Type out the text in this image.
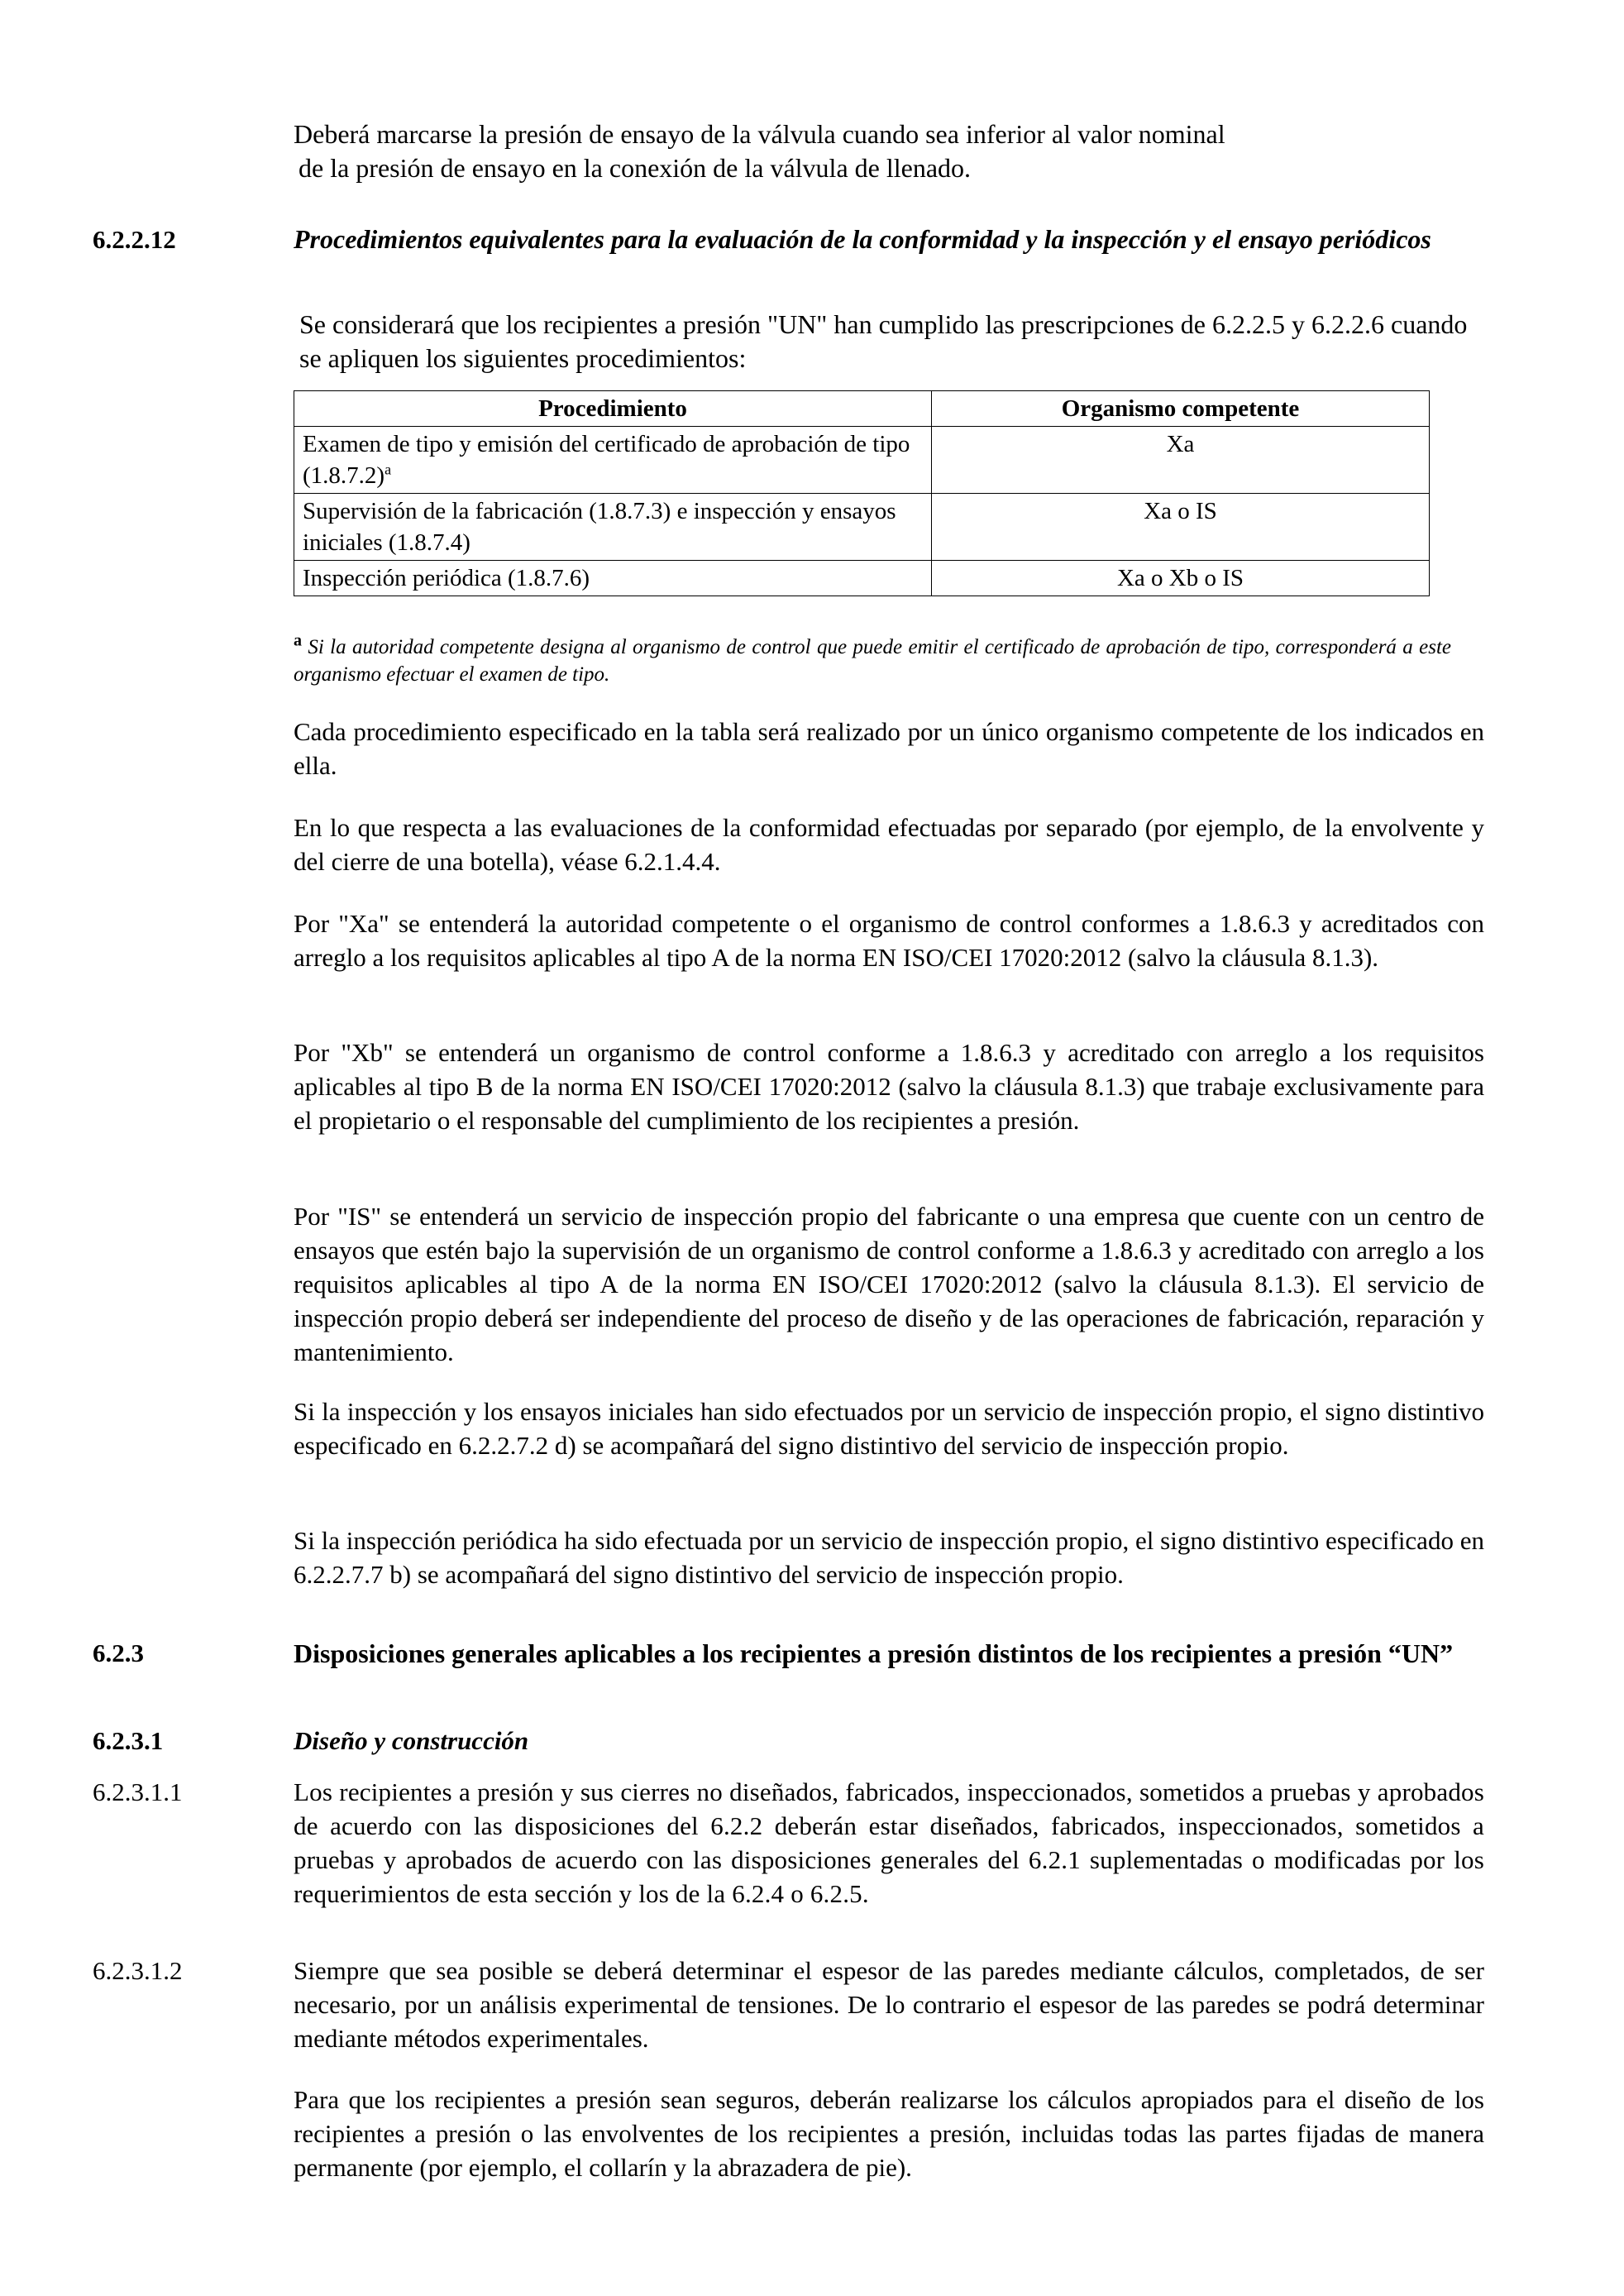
Deberá marcarse la presión de ensayo de la válvula cuando sea inferior al valor nominal

de la presión de ensayo en la conexión de la válvula de llenado.

6.2.2.12	Procedimientos equivalentes para la evaluación de la conformidad y la inspección y el ensayo periódicos

Se considerará que los recipientes a presión "UN" han cumplido las prescripciones de 6.2.2.5 y 6.2.2.6 cuando se apliquen los siguientes procedimientos:

Procedimiento	Organismo competente
Examen de tipo y emisión del certificado de aprobación de tipo (1.8.7.2)$^a$	Xa
Supervisión de la fabricación (1.8.7.3) e inspección y ensayos iniciales (1.8.7.4)	Xa o IS
Inspección periódica (1.8.7.6)	Xa o Xb o IS

$^a$ Si la autoridad competente designa al organismo de control que puede emitir el certificado de aprobación de tipo, corresponderá a este organismo efectuar el examen de tipo.

Cada procedimiento especificado en la tabla será realizado por un único organismo competente de los indicados en ella.

En lo que respecta a las evaluaciones de la conformidad efectuadas por separado (por ejemplo, de la envolvente y del cierre de una botella), véase 6.2.1.4.4.

Por "Xa" se entenderá la autoridad competente o el organismo de control conformes a 1.8.6.3 y acreditados con arreglo a los requisitos aplicables al tipo A de la norma EN ISO/CEI 17020:2012 (salvo la cláusula 8.1.3).

Por "Xb" se entenderá un organismo de control conforme a 1.8.6.3 y acreditado con arreglo a los requisitos aplicables al tipo B de la norma EN ISO/CEI 17020:2012 (salvo la cláusula 8.1.3) que trabaje exclusivamente para el propietario o el responsable del cumplimiento de los recipientes a presión.

Por "IS" se entenderá un servicio de inspección propio del fabricante o una empresa que cuente con un centro de ensayos que estén bajo la supervisión de un organismo de control conforme a 1.8.6.3 y acreditado con arreglo a los requisitos aplicables al tipo A de la norma EN ISO/CEI 17020:2012 (salvo la cláusula 8.1.3). El servicio de inspección propio deberá ser independiente del proceso de diseño y de las operaciones de fabricación, reparación y mantenimiento.

Si la inspección y los ensayos iniciales han sido efectuados por un servicio de inspección propio, el signo distintivo especificado en 6.2.2.7.2 d) se acompañará del signo distintivo del servicio de inspección propio.

Si la inspección periódica ha sido efectuada por un servicio de inspección propio, el signo distintivo especificado en 6.2.2.7.7 b) se acompañará del signo distintivo del servicio de inspección propio.

6.2.3	Disposiciones generales aplicables a los recipientes a presión distintos de los recipientes a presión “UN”
6.2.3.1	Diseño y construcción
6.2.3.1.1	Los recipientes a presión y sus cierres no diseñados, fabricados, inspeccionados, sometidos a pruebas y aprobados de acuerdo con las disposiciones del 6.2.2 deberán estar diseñados, fabricados, inspeccionados, sometidos a pruebas y aprobados de acuerdo con las disposiciones generales del 6.2.1 suplementadas o modificadas por los requerimientos de esta sección y los de la 6.2.4 o 6.2.5.

6.2.3.1.2	Siempre que sea posible se deberá determinar el espesor de las paredes mediante cálculos, completados, de ser necesario, por un análisis experimental de tensiones. De lo contrario el espesor de las paredes se podrá determinar mediante métodos experimentales.

Para que los recipientes a presión sean seguros, deberán realizarse los cálculos apropiados para el diseño de los recipientes a presión o las envolventes de los recipientes a presión, incluidas todas las partes fijadas de manera permanente (por ejemplo, el collarín y la abrazadera de pie).
